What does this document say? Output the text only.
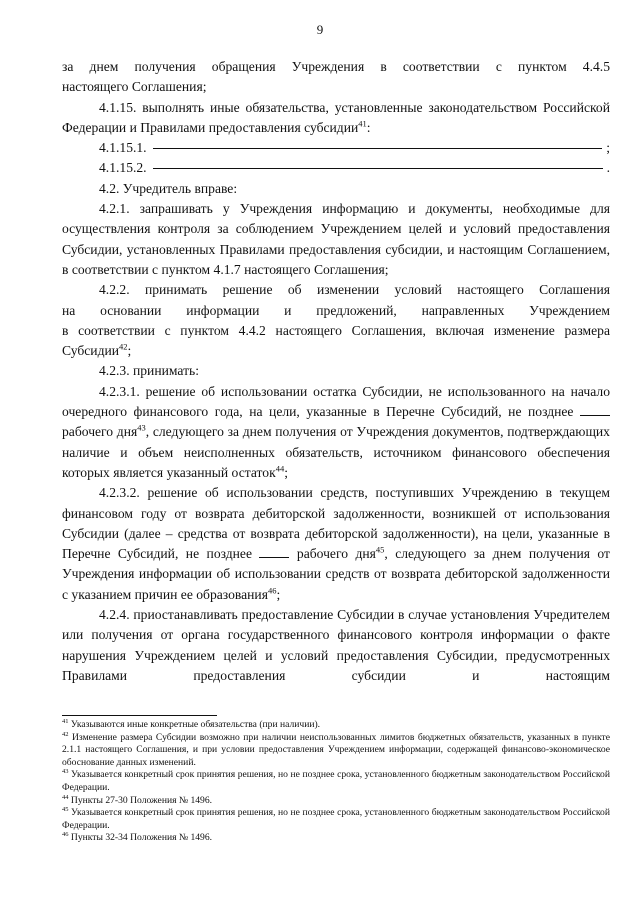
9

за днем получения обращения Учреждения в соответствии с пунктом 4.4.5

настоящего Соглашения;

4.1.15. выполнять иные обязательства, установленные законодательством Российской Федерации и Правилами предоставления субсидии$^{41}$:

4.1.15.1.	;
4.1.15.2.	.

4.2. Учредитель вправе:

4.2.1. запрашивать у Учреждения информацию и документы, необходимые для осуществления контроля за соблюдением Учреждением целей и условий предоставления Субсидии, установленных Правилами предоставления субсидии, и настоящим Соглашением, в соответствии с пунктом 4.1.7 настоящего Соглашения;

4.2.2. принимать решение об изменении условий настоящего Соглашения

на основании информации и предложений, направленных Учреждением

в соответствии с пунктом 4.4.2 настоящего Соглашения, включая изменение размера Субсидии$^{42}$;

4.2.3. принимать:

4.2.3.1. решение об использовании остатка Субсидии, не использованного на начало очередного финансового года, на цели, указанные в Перечне Субсидий, не позднее  рабочего дня$^{43}$, следующего за днем получения от Учреждения документов, подтверждающих наличие и объем неисполненных обязательств, источником финансового обеспечения которых является указанный остаток$^{44}$;

4.2.3.2. решение об использовании средств, поступивших Учреждению в текущем финансовом году от возврата дебиторской задолженности, возникшей от использования Субсидии (далее – средства от возврата дебиторской задолженности), на цели, указанные в Перечне Субсидий, не позднее	рабочего дня$^{45}$, следующего за днем получения от Учреждения информации об использовании средств от возврата дебиторской задолженности с указанием причин ее образования$^{46}$;

4.2.4. приостанавливать предоставление Субсидии в случае установления Учредителем или получения от органа государственного финансового контроля информации о факте нарушения Учреждением целей и условий предоставления Субсидии, предусмотренных Правилами предоставления субсидии и настоящим

$^{41}$ Указываются иные конкретные обязательства (при наличии).

$^{42}$ Изменение размера Субсидии возможно при наличии неиспользованных лимитов бюджетных обязательств, указанных в пункте 2.1.1 настоящего Соглашения, и при условии предоставления Учреждением информации, содержащей финансово-экономическое обоснование данных изменений.

$^{43}$ Указывается конкретный срок принятия решения, но не позднее срока, установленного бюджетным законодательством Российской Федерации.

$^{44}$ Пункты 27-30 Положения № 1496.

$^{45}$ Указывается конкретный срок принятия решения, но не позднее срока, установленного бюджетным законодательством Российской Федерации.

$^{46}$ Пункты 32-34 Положения № 1496.
